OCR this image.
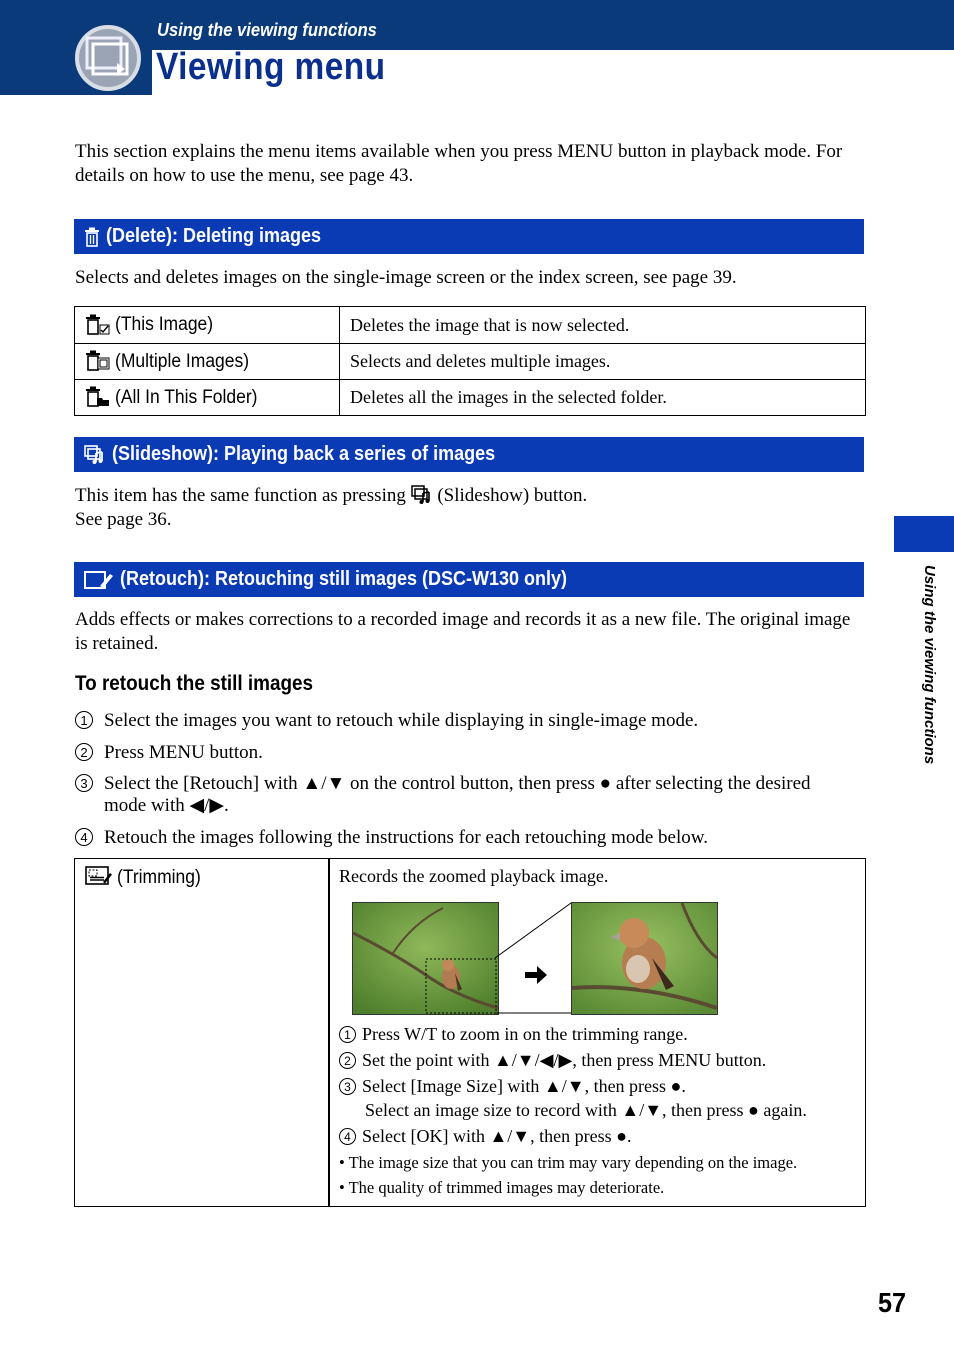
Using the viewing functions
Viewing menu
This section explains the menu items available when you press MENU button in playback mode. For details on how to use the menu, see page 43.
(Delete): Deleting images
Selects and deletes images on the single-image screen or the index screen, see page 39.
(This Image)	Deletes the image that is now selected.
(Multiple Images)	Selects and deletes multiple images.
(All In This Folder)	Deletes all the images in the selected folder.
(Slideshow): Playing back a series of images
This item has the same function as pressing (Slideshow) button.
See page 36.
(Retouch): Retouching still images (DSC-W130 only)
Adds effects or makes corrections to a recorded image and records it as a new file. The original image is retained.
To retouch the still images
1 Select the images you want to retouch while displaying in single-image mode.
2 Press MENU button.
3 Select the [Retouch] with ▲/▼ on the control button, then press ● after selecting the desired mode with ◀/▶.
4 Retouch the images following the instructions for each retouching mode below.
(Trimming)	Records the zoomed playback image.
1 Press W/T to zoom in on the trimming range.
2 Set the point with ▲/▼/◀/▶, then press MENU button.
3 Select [Image Size] with ▲/▼, then press ●.
Select an image size to record with ▲/▼, then press ● again.
4 Select [OK] with ▲/▼, then press ●.
• The image size that you can trim may vary depending on the image.
• The quality of trimmed images may deteriorate.
Using the viewing functions
57
